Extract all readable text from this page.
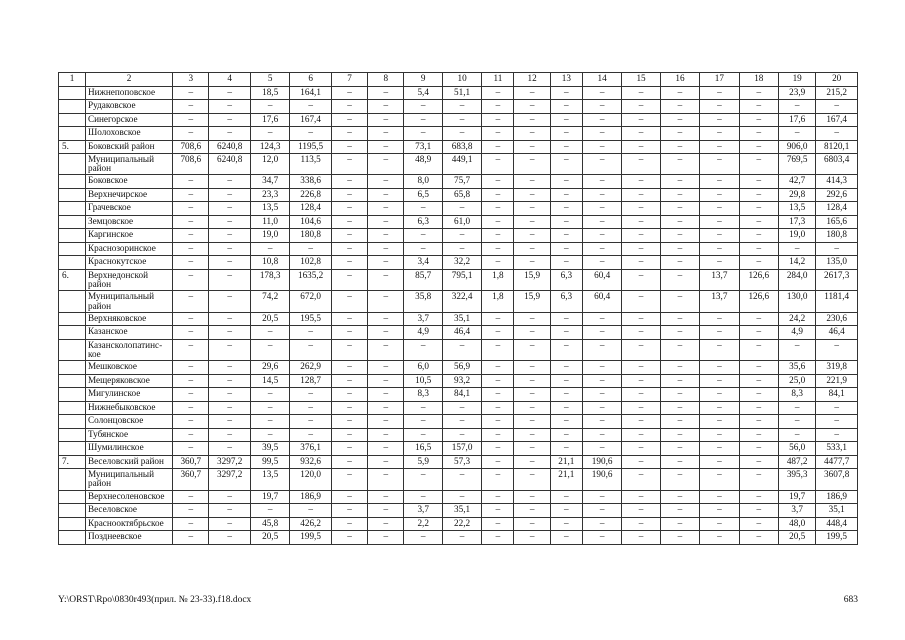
1	2	3	4	5	6	7	8	9	10	11	12	13	14	15	16	17	18	19	20
	Нижнепоповское	–	–	18,5	164,1	–	–	5,4	51,1	–	–	–	–	–	–	–	–	23,9	215,2
	Рудаковское	–	–	–	–	–	–	–	–	–	–	–	–	–	–	–	–	–	–
	Синегорское	–	–	17,6	167,4	–	–	–	–	–	–	–	–	–	–	–	–	17,6	167,4
	Шолоховское	–	–	–	–	–	–	–	–	–	–	–	–	–	–	–	–	–	–
5.	Боковский район	708,6	6240,8	124,3	1195,5	–	–	73,1	683,8	–	–	–	–	–	–	–	–	906,0	8120,1
	Муниципальный район	708,6	6240,8	12,0	113,5	–	–	48,9	449,1	–	–	–	–	–	–	–	–	769,5	6803,4
	Боковское	–	–	34,7	338,6	–	–	8,0	75,7	–	–	–	–	–	–	–	–	42,7	414,3
	Верхнечирское	–	–	23,3	226,8	–	–	6,5	65,8	–	–	–	–	–	–	–	–	29,8	292,6
	Грачевское	–	–	13,5	128,4	–	–	–	–	–	–	–	–	–	–	–	–	13,5	128,4
	Земцовское	–	–	11,0	104,6	–	–	6,3	61,0	–	–	–	–	–	–	–	–	17,3	165,6
	Каргинское	–	–	19,0	180,8	–	–	–	–	–	–	–	–	–	–	–	–	19,0	180,8
	Краснозоринское	–	–	–	–	–	–	–	–	–	–	–	–	–	–	–	–	–	–
	Краснокутское	–	–	10,8	102,8	–	–	3,4	32,2	–	–	–	–	–	–	–	–	14,2	135,0
6.	Верхнедонской район	–	–	178,3	1635,2	–	–	85,7	795,1	1,8	15,9	6,3	60,4	–	–	13,7	126,6	284,0	2617,3
	Муниципальный район	–	–	74,2	672,0	–	–	35,8	322,4	1,8	15,9	6,3	60,4	–	–	13,7	126,6	130,0	1181,4
	Верхняковское	–	–	20,5	195,5	–	–	3,7	35,1	–	–	–	–	–	–	–	–	24,2	230,6
	Казанское	–	–	–	–	–	–	4,9	46,4	–	–	–	–	–	–	–	–	4,9	46,4
	Казансколопатинс-кое	–	–	–	–	–	–	–	–	–	–	–	–	–	–	–	–	–	–
	Мешковское	–	–	29,6	262,9	–	–	6,0	56,9	–	–	–	–	–	–	–	–	35,6	319,8
	Мещеряковское	–	–	14,5	128,7	–	–	10,5	93,2	–	–	–	–	–	–	–	–	25,0	221,9
	Мигулинское	–	–	–	–	–	–	8,3	84,1	–	–	–	–	–	–	–	–	8,3	84,1
	Нижнебыковское	–	–	–	–	–	–	–	–	–	–	–	–	–	–	–	–	–	–
	Солонцовское	–	–	–	–	–	–	–	–	–	–	–	–	–	–	–	–	–	–
	Тубянское	–	–	–	–	–	–	–	–	–	–	–	–	–	–	–	–	–	–
	Шумилинское	–	–	39,5	376,1	–	–	16,5	157,0	–	–	–	–	–	–	–	–	56,0	533,1
7.	Веселовский район	360,7	3297,2	99,5	932,6	–	–	5,9	57,3	–	–	21,1	190,6	–	–	–	–	487,2	4477,7
	Муниципальный район	360,7	3297,2	13,5	120,0	–	–	–	–	–	–	21,1	190,6	–	–	–	–	395,3	3607,8
	Верхнесоленовское	–	–	19,7	186,9	–	–	–	–	–	–	–	–	–	–	–	–	19,7	186,9
	Веселовское	–	–	–	–	–	–	3,7	35,1	–	–	–	–	–	–	–	–	3,7	35,1
	Краснооктябрьское	–	–	45,8	426,2	–	–	2,2	22,2	–	–	–	–	–	–	–	–	48,0	448,4
	Позднеевское	–	–	20,5	199,5	–	–	–	–	–	–	–	–	–	–	–	–	20,5	199,5
Y:\ORST\Rpo\0830r493(прил. № 23-33).f18.docx	683
